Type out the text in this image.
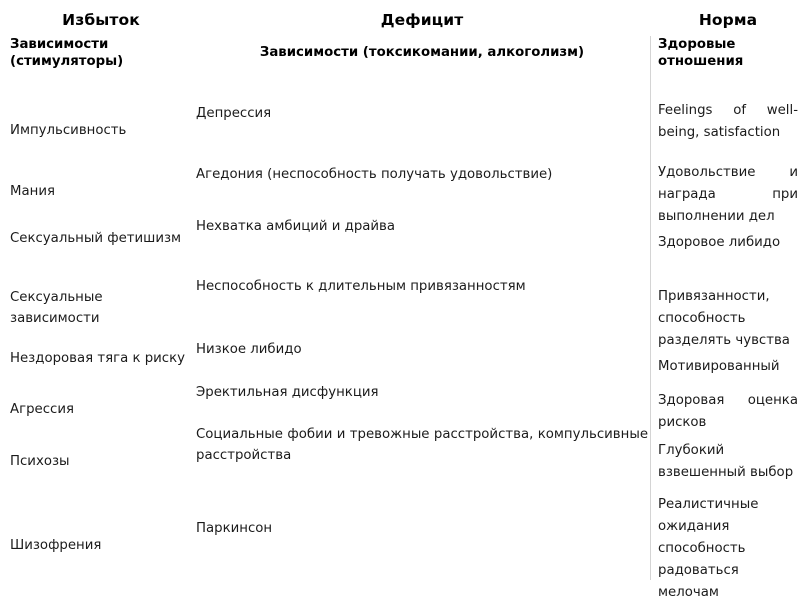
Избыток
Зависимости (стимуляторы)
Импульсивность
Мания
Сексуальный фетишизм
Сексуальные зависимости
Нездоровая тяга к риску
Агрессия
Психозы
Шизофрения
Дефицит
Зависимости (токсикомании, алкоголизм)
Депрессия
Агедония (неспособность получать удовольствие)
Нехватка амбиций и драйва
Неспособность к длительным привязанностям
Низкое либидо
Эректильная дисфункция
Социальные фобии и тревожные расстройства, компульсивные расстройства
Паркинсон
Норма
Здоровые отношения
Feelings of well-being, satisfaction
Удовольствие и награда при выполнении дел
Здоровое либидо
Привязанности, способность разделять чувства
Мотивированный
Здоровая оценка рисков
Глубокий взвешенный выбор
Реалистичные ожидания способность радоваться мелочам
